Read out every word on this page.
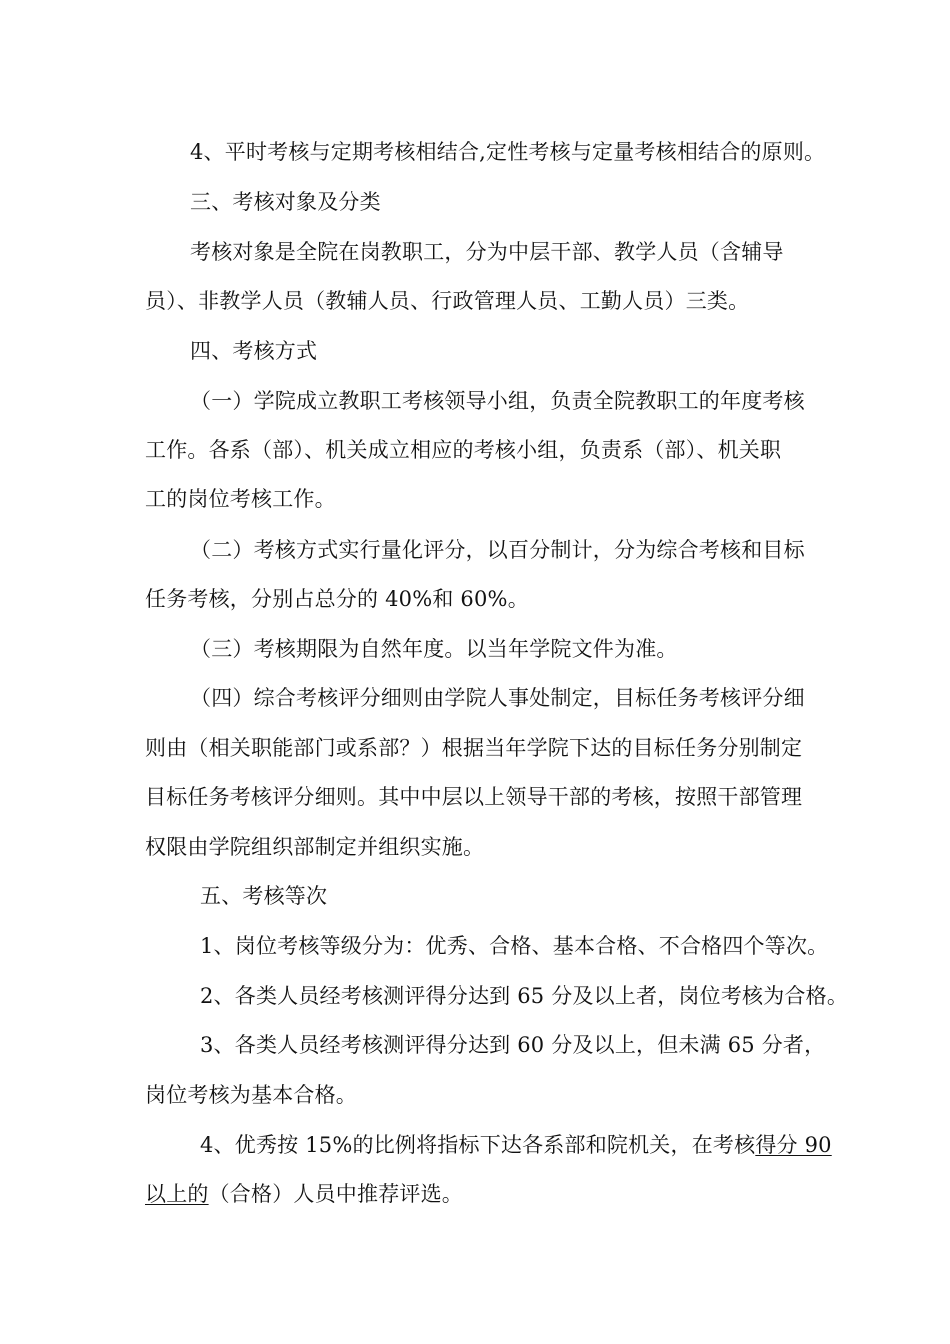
4、平时考核与定期考核相结合,定性考核与定量考核相结合的原则。
三、考核对象及分类
考核对象是全院在岗教职工，分为中层干部、教学人员（含辅导
员）、非教学人员（教辅人员、行政管理人员、工勤人员）三类。
四、考核方式
（一）学院成立教职工考核领导小组，负责全院教职工的年度考核
工作。各系（部）、机关成立相应的考核小组，负责系（部）、机关职
工的岗位考核工作。
（二）考核方式实行量化评分，以百分制计，分为综合考核和目标
任务考核，分别占总分的 40%和 60%。
（三）考核期限为自然年度。以当年学院文件为准。
（四）综合考核评分细则由学院人事处制定，目标任务考核评分细
则由（相关职能部门或系部？）根据当年学院下达的目标任务分别制定
目标任务考核评分细则。其中中层以上领导干部的考核，按照干部管理
权限由学院组织部制定并组织实施。
五、考核等次
1、岗位考核等级分为：优秀、合格、基本合格、不合格四个等次。
2、各类人员经考核测评得分达到 65 分及以上者，岗位考核为合格。
3、各类人员经考核测评得分达到 60 分及以上，但未满 65 分者，
岗位考核为基本合格。
4、优秀按 15%的比例将指标下达各系部和院机关，在考核得分 90
以上的（合格）人员中推荐评选。
